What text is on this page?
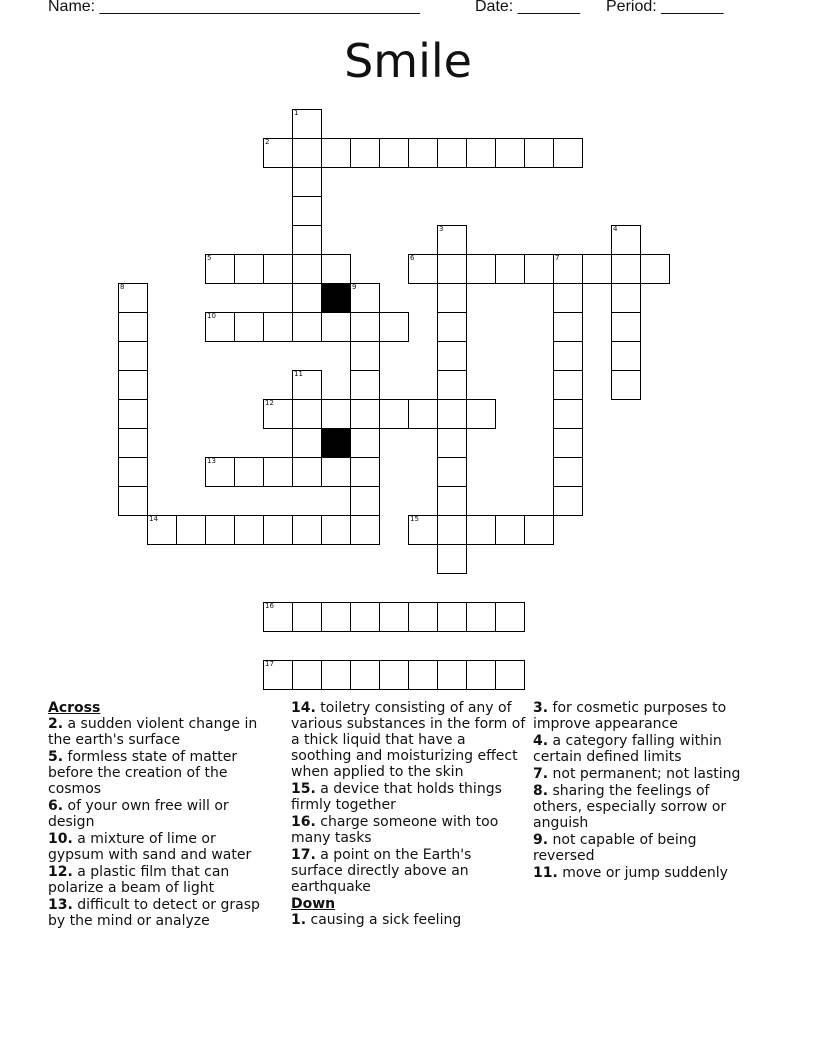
Name: ____________________________________	Date: _______ Period: _______
Smile
1
2
3	4
5	6	7
8	9
10
11
12
13
14	15
16
17
Across
2. a sudden violent change in the earth's surface
5. formless state of matter before the creation of the cosmos
6. of your own free will or design
10. a mixture of lime or gypsum with sand and water
12. a plastic film that can polarize a beam of light
13. difficult to detect or grasp by the mind or analyze
14. toiletry consisting of any of various substances in the form of a thick liquid that have a soothing and moisturizing effect when applied to the skin
15. a device that holds things firmly together
16. charge someone with too many tasks
17. a point on the Earth's surface directly above an earthquake
Down
1. causing a sick feeling
3. for cosmetic purposes to improve appearance
4. a category falling within certain defined limits
7. not permanent; not lasting
8. sharing the feelings of others, especially sorrow or anguish
9. not capable of being reversed
11. move or jump suddenly
